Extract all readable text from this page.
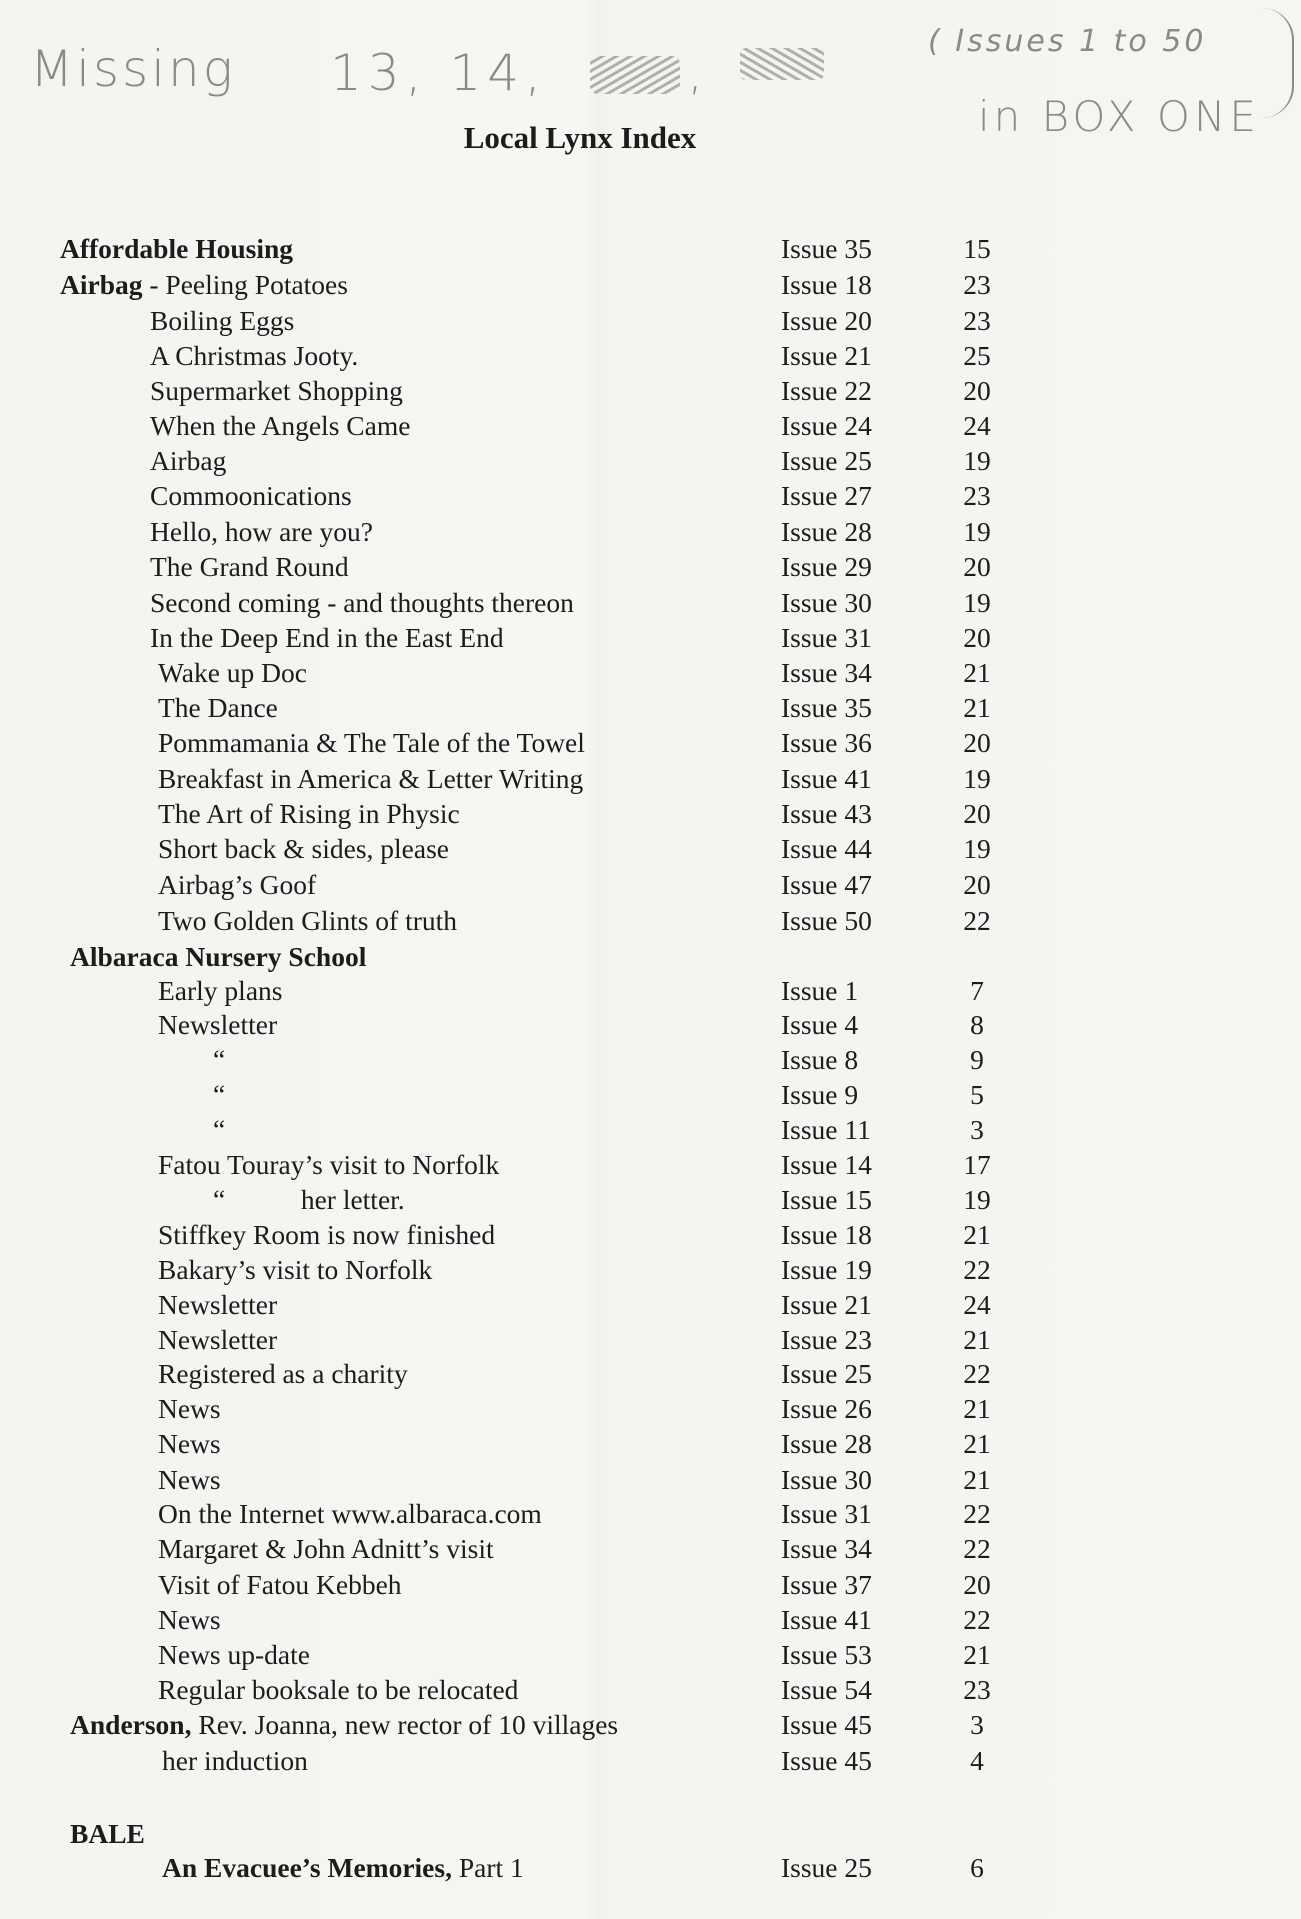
Missing 13, 14,	,
( Issues 1 to 50
in BOX ONE
Local Lynx Index
Affordable Housing	Issue 35	15
Airbag - Peeling Potatoes	Issue 18	23
Boiling Eggs	Issue 20	23
A Christmas Jooty.	Issue 21	25
Supermarket Shopping	Issue 22	20
When the Angels Came	Issue 24	24
Airbag	Issue 25	19
Commoonications	Issue 27	23
Hello, how are you?	Issue 28	19
The Grand Round	Issue 29	20
Second coming - and thoughts thereon	Issue 30	19
In the Deep End in the East End	Issue 31	20
Wake up Doc	Issue 34	21
The Dance	Issue 35	21
Pommamania & The Tale of the Towel	Issue 36	20
Breakfast in America & Letter Writing	Issue 41	19
The Art of Rising in Physic	Issue 43	20
Short back & sides, please	Issue 44	19
Airbag’s Goof	Issue 47	20
Two Golden Glints of truth	Issue 50	22
Albaraca Nursery School
Early plans	Issue 1	7
Newsletter	Issue 4	8
“	Issue 8	9
“	Issue 9	5
“	Issue 11	3
Fatou Touray’s visit to Norfolk	Issue 14	17
“           her letter.	Issue 15	19
Stiffkey Room is now finished	Issue 18	21
Bakary’s visit to Norfolk	Issue 19	22
Newsletter	Issue 21	24
Newsletter	Issue 23	21
Registered as a charity	Issue 25	22
News	Issue 26	21
News	Issue 28	21
News	Issue 30	21
On the Internet www.albaraca.com	Issue 31	22
Margaret & John Adnitt’s visit	Issue 34	22
Visit of Fatou Kebbeh	Issue 37	20
News	Issue 41	22
News up-date	Issue 53	21
Regular booksale to be relocated	Issue 54	23
Anderson, Rev. Joanna, new rector of 10 villages	Issue 45	3
her induction	Issue 45	4
BALE
An Evacuee’s Memories, Part 1	Issue 25	6
